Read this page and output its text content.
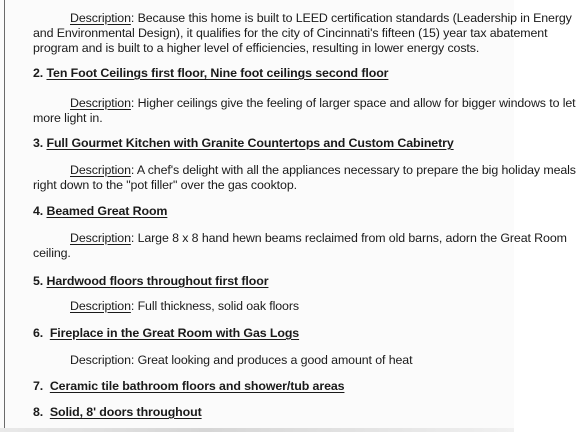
Description: Because this home is built to LEED certification standards (Leadership in Energy
and Environmental Design), it qualifies for the city of Cincinnati's fifteen (15) year tax abatement
program and is built to a higher level of efficiencies, resulting in lower energy costs.
2. Ten Foot Ceilings first floor, Nine foot ceilings second floor
Description: Higher ceilings give the feeling of larger space and allow for bigger windows to let
more light in.
3. Full Gourmet Kitchen with Granite Countertops and Custom Cabinetry
Description: A chef's delight with all the appliances necessary to prepare the big holiday meals
right down to the "pot filler" over the gas cooktop.
4. Beamed Great Room
Description: Large 8 x 8 hand hewn beams reclaimed from old barns, adorn the Great Room
ceiling.
5. Hardwood floors throughout first floor
Description: Full thickness, solid oak floors
6. Fireplace in the Great Room with Gas Logs
Description: Great looking and produces a good amount of heat
7. Ceramic tile bathroom floors and shower/tub areas
8. Solid, 8' doors throughout
